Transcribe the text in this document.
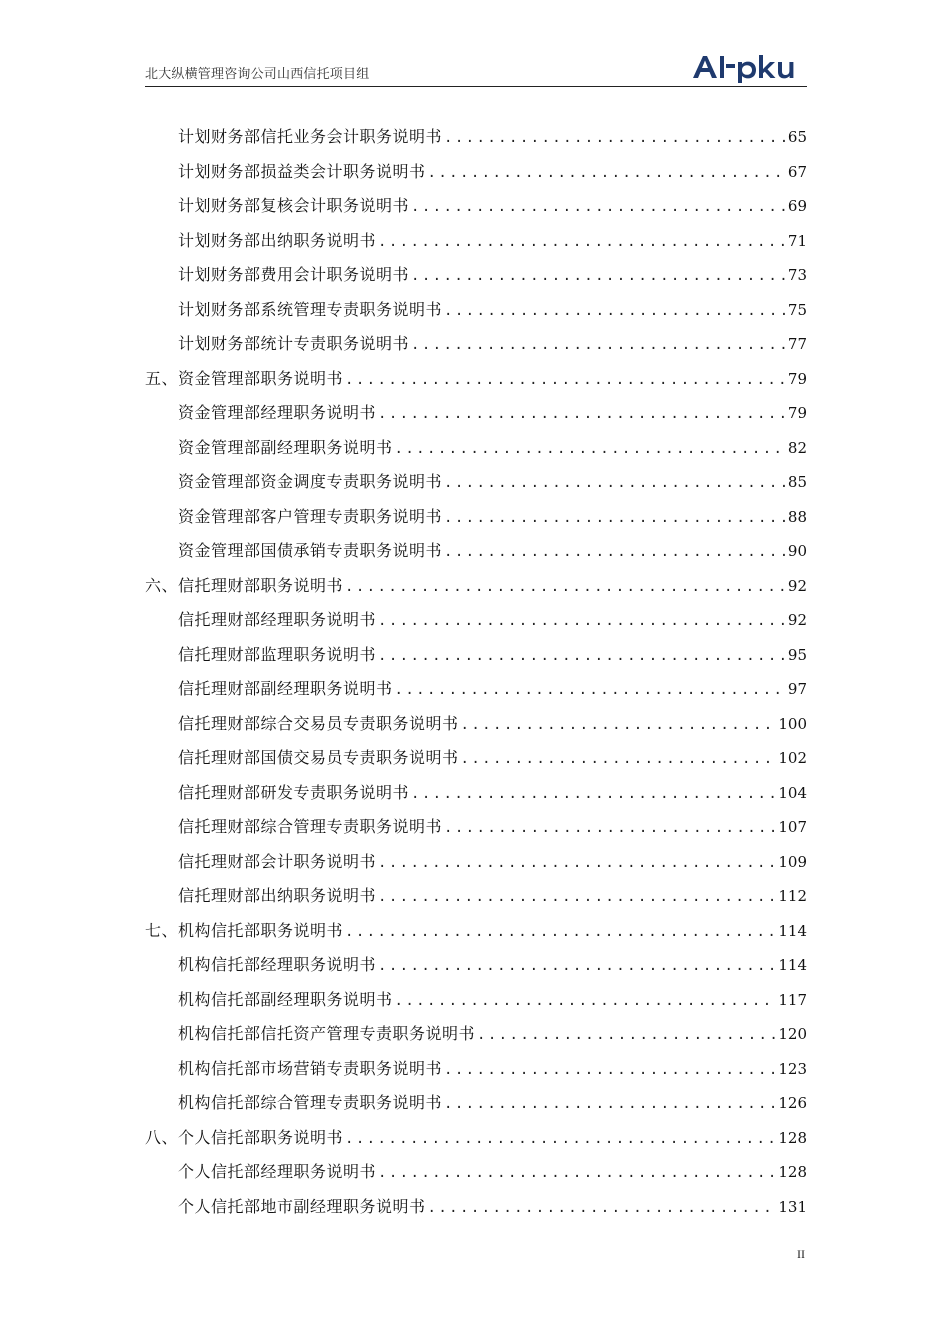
北大纵横管理咨询公司山西信托项目组
计划财务部信托业务会计职务说明书 .....	65
计划财务部损益类会计职务说明书 .....	67
计划财务部复核会计职务说明书 .....	69
计划财务部出纳职务说明书 .....	71
计划财务部费用会计职务说明书 .....	73
计划财务部系统管理专责职务说明书 .....	75
计划财务部统计专责职务说明书 .....	77
五、资金管理部职务说明书 .....	79
资金管理部经理职务说明书 .....	79
资金管理部副经理职务说明书 .....	82
资金管理部资金调度专责职务说明书 .....	85
资金管理部客户管理专责职务说明书 .....	88
资金管理部国债承销专责职务说明书 .....	90
六、信托理财部职务说明书 .....	92
信托理财部经理职务说明书 .....	92
信托理财部监理职务说明书 .....	95
信托理财部副经理职务说明书 .....	97
信托理财部综合交易员专责职务说明书 .....	100
信托理财部国债交易员专责职务说明书 .....	102
信托理财部研发专责职务说明书 .....	104
信托理财部综合管理专责职务说明书 .....	107
信托理财部会计职务说明书 .....	109
信托理财部出纳职务说明书 .....	112
七、机构信托部职务说明书 .....	114
机构信托部经理职务说明书 .....	114
机构信托部副经理职务说明书 .....	117
机构信托部信托资产管理专责职务说明书 .....	120
机构信托部市场营销专责职务说明书 .....	123
机构信托部综合管理专责职务说明书 .....	126
八、个人信托部职务说明书 .....	128
个人信托部经理职务说明书 .....	128
个人信托部地市副经理职务说明书 .....	131
II
